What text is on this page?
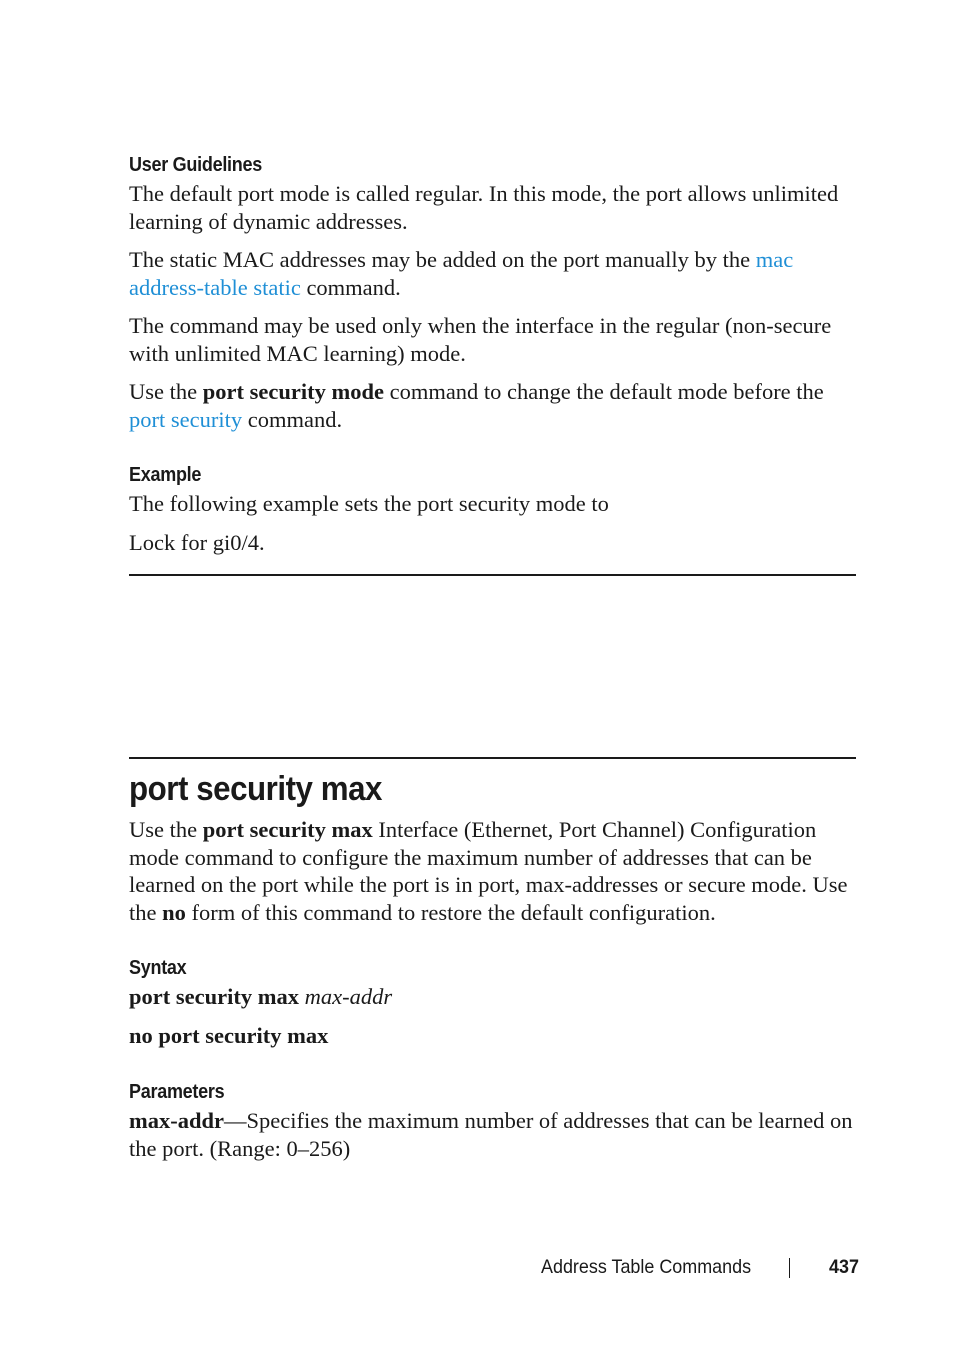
User Guidelines

The default port mode is called regular. In this mode, the port allows unlimited learning of dynamic addresses.

The static MAC addresses may be added on the port manually by the mac address-table static command.

The command may be used only when the interface in the regular (non-secure with unlimited MAC learning) mode.

Use the port security mode command to change the default mode before the port security command.

Example

The following example sets the port security mode to

Lock for gi0/4.

port security max

Use the port security max Interface (Ethernet, Port Channel) Configuration mode command to configure the maximum number of addresses that can be learned on the port while the port is in port, max-addresses or secure mode. Use the no form of this command to restore the default configuration.

Syntax

port security max max-addr

no port security max

Parameters

max-addr—Specifies the maximum number of addresses that can be learned on the port. (Range: 0–256)

Address Table Commands	437
